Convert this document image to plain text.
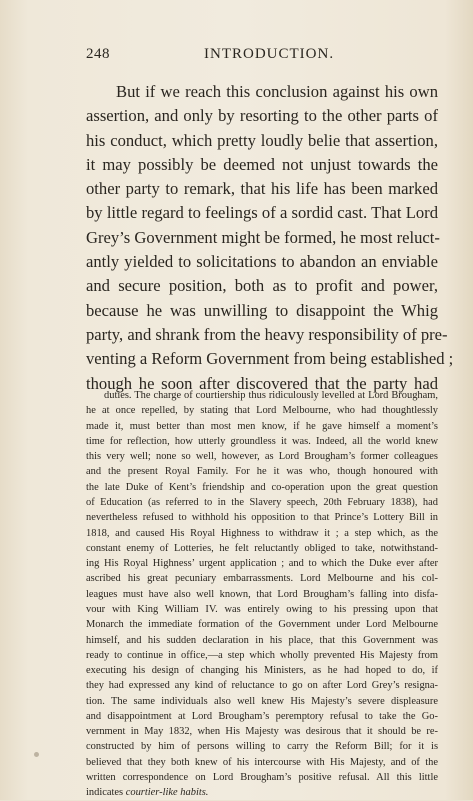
248	INTRODUCTION.
But if we reach this conclusion against his own
assertion, and only by resorting to the other parts of
his conduct, which pretty loudly belie that assertion,
it may possibly be deemed not unjust towards the
other party to remark, that his life has been marked
by little regard to feelings of a sordid cast. That Lord
Grey’s Government might be formed, he most reluct-
antly yielded to solicitations to abandon an enviable
and secure position, both as to profit and power,
because he was unwilling to disappoint the Whig
party, and shrank from the heavy responsibility of pre-
venting a Reform Government from being established ;
though he soon after discovered that the party had
duties. The charge of courtiership thus ridiculously levelled at Lord Brougham,
he at once repelled, by stating that Lord Melbourne, who had thoughtlessly
made it, must better than most men know, if he gave himself a moment’s
time for reflection, how utterly groundless it was. Indeed, all the world knew
this very well; none so well, however, as Lord Brougham’s former colleagues
and the present Royal Family. For he it was who, though honoured with
the late Duke of Kent’s friendship and co-operation upon the great question
of Education (as referred to in the Slavery speech, 20th February 1838), had
nevertheless refused to withhold his opposition to that Prince’s Lottery Bill in
1818, and caused His Royal Highness to withdraw it ; a step which, as the
constant enemy of Lotteries, he felt reluctantly obliged to take, notwithstand-
ing His Royal Highness’ urgent application ; and to which the Duke ever after
ascribed his great pecuniary embarrassments. Lord Melbourne and his col-
leagues must have also well known, that Lord Brougham’s falling into disfa-
vour with King William IV. was entirely owing to his pressing upon that
Monarch the immediate formation of the Government under Lord Melbourne
himself, and his sudden declaration in his place, that this Government was
ready to continue in office,—a step which wholly prevented His Majesty from
executing his design of changing his Ministers, as he had hoped to do, if
they had expressed any kind of reluctance to go on after Lord Grey’s resigna-
tion. The same individuals also well knew His Majesty’s severe displeasure
and disappointment at Lord Brougham’s peremptory refusal to take the Go-
vernment in May 1832, when His Majesty was desirous that it should be re-
constructed by him of persons willing to carry the Reform Bill; for it is
believed that they both knew of his intercourse with His Majesty, and of the
written correspondence on Lord Brougham’s positive refusal. All this little
indicates courtier-like habits.
